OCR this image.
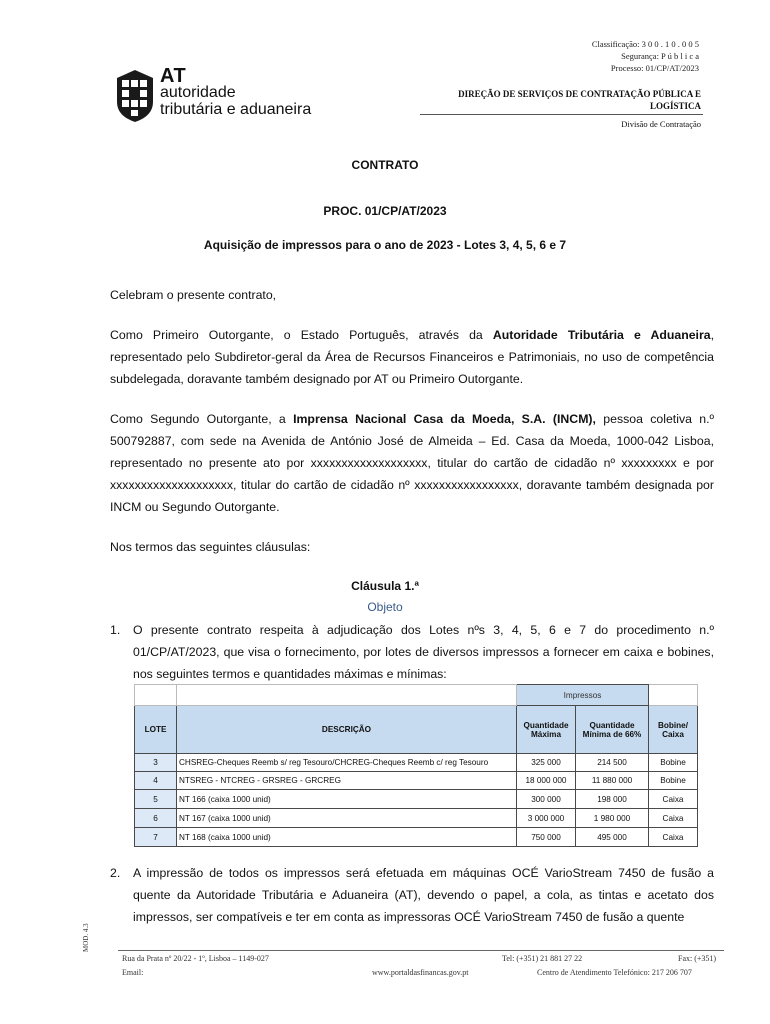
Classificação: 3 0 0 . 1 0 . 0 0 5
Segurança: P ú b l i c a
Processo: 01/CP/AT/2023
AT
autoridade
tributária e aduaneira
DIREÇÃO DE SERVIÇOS DE CONTRATAÇÃO PÚBLICA E
LOGÍSTICA
Divisão de Contratação
CONTRATO
PROC. 01/CP/AT/2023
Aquisição de impressos para o ano de 2023 - Lotes 3, 4, 5, 6 e 7
Celebram o presente contrato,
Como Primeiro Outorgante, o Estado Português, através da Autoridade Tributária e Aduaneira, representado pelo Subdiretor-geral da Área de Recursos Financeiros e Patrimoniais, no uso de competência subdelegada, doravante também designado por AT ou Primeiro Outorgante.
Como Segundo Outorgante, a Imprensa Nacional Casa da Moeda, S.A. (INCM), pessoa coletiva n.º 500792887, com sede na Avenida de António José de Almeida – Ed. Casa da Moeda, 1000-042 Lisboa, representado no presente ato por xxxxxxxxxxxxxxxxxxx, titular do cartão de cidadão nº xxxxxxxxx e por xxxxxxxxxxxxxxxxxxxx, titular do cartão de cidadão nº xxxxxxxxxxxxxxxxx, doravante também designada por INCM ou Segundo Outorgante.
Nos termos das seguintes cláusulas:
Cláusula 1.ª
Objeto
1. O presente contrato respeita à adjudicação dos Lotes nºs 3, 4, 5, 6 e 7 do procedimento n.º 01/CP/AT/2023, que visa o fornecimento, por lotes de diversos impressos a fornecer em caixa e bobines, nos seguintes termos e quantidades máximas e mínimas:
		Impressos		
LOTE	DESCRIÇÃO	Quantidade Máxima	Quantidade Mínima de 66%	Bobine/ Caixa
3	CHSREG-Cheques Reemb s/ reg Tesouro/CHCREG-Cheques Reemb c/ reg Tesouro	325 000	214 500	Bobine
4	NTSREG - NTCREG - GRSREG - GRCREG	18 000 000	11 880 000	Bobine
5	NT 166 (caixa 1000 unid)	300 000	198 000	Caixa
6	NT 167 (caixa 1000 unid)	3 000 000	1 980 000	Caixa
7	NT 168 (caixa 1000 unid)	750 000	495 000	Caixa
2. A impressão de todos os impressos será efetuada em máquinas OCÉ VarioStream 7450 de fusão a quente da Autoridade Tributária e Aduaneira (AT), devendo o papel, a cola, as tintas e acetato dos impressos, ser compatíveis e ter em conta as impressoras OCÉ VarioStream 7450 de fusão a quente
MOD. 4.3
Rua da Prata nº 20/22 - 1º, Lisboa – 1149-027	Tel: (+351) 21 881 27 22	Fax: (+351)
Email:	www.portaldasfinancas.gov.pt	Centro de Atendimento Telefónico: 217 206 707
